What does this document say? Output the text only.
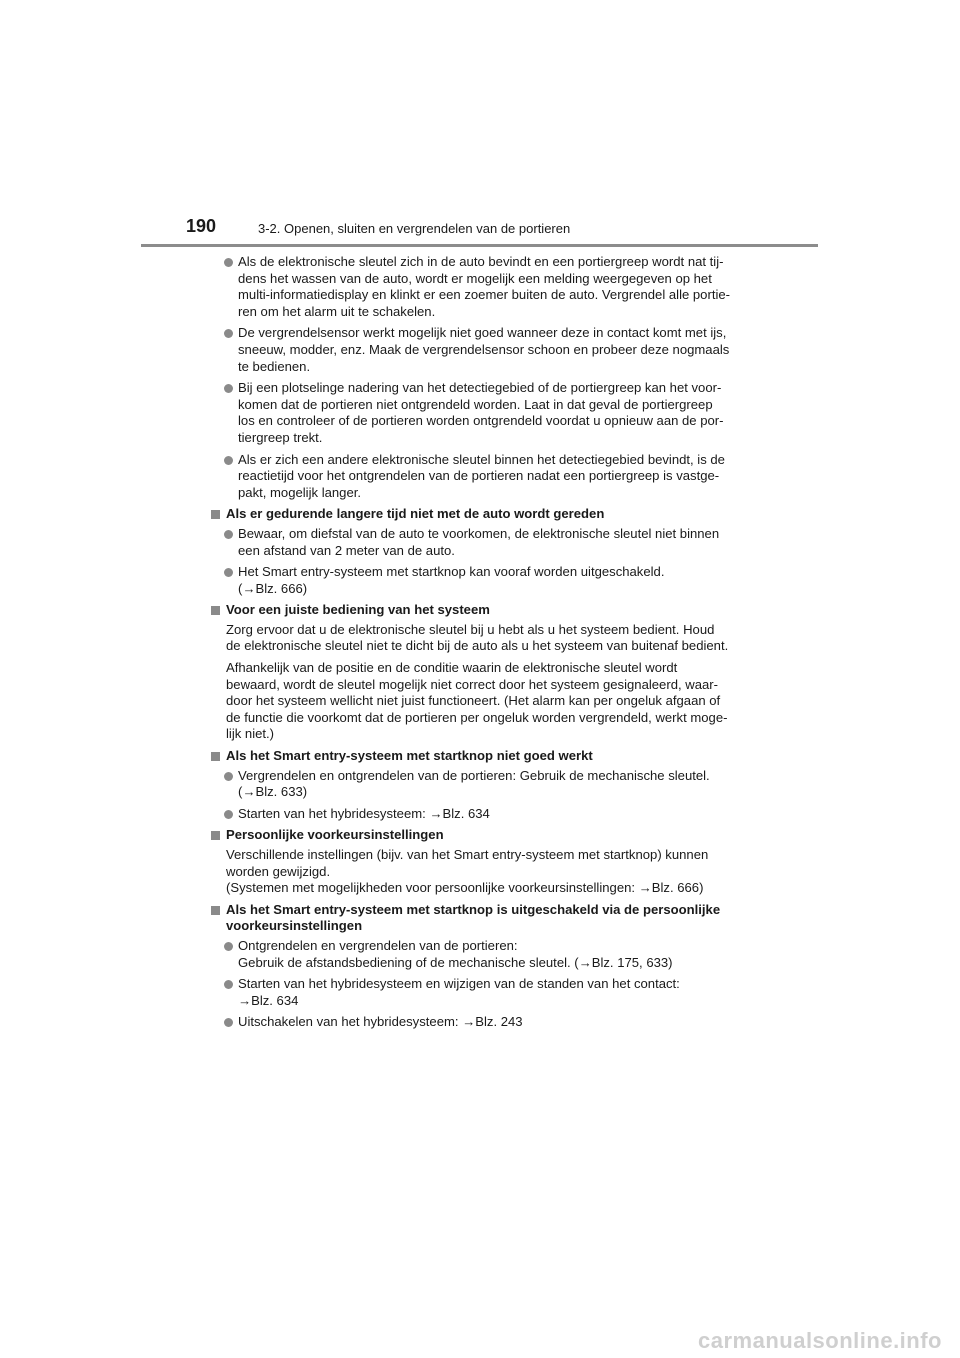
190	3-2. Openen, sluiten en vergrendelen van de portieren
Als de elektronische sleutel zich in de auto bevindt en een portiergreep wordt nat tij-
dens het wassen van de auto, wordt er mogelijk een melding weergegeven op het
multi-informatiedisplay en klinkt er een zoemer buiten de auto. Vergrendel alle portie-
ren om het alarm uit te schakelen.
De vergrendelsensor werkt mogelijk niet goed wanneer deze in contact komt met ijs,
sneeuw, modder, enz. Maak de vergrendelsensor schoon en probeer deze nogmaals
te bedienen.
Bij een plotselinge nadering van het detectiegebied of de portiergreep kan het voor-
komen dat de portieren niet ontgrendeld worden. Laat in dat geval de portiergreep
los en controleer of de portieren worden ontgrendeld voordat u opnieuw aan de por-
tiergreep trekt.
Als er zich een andere elektronische sleutel binnen het detectiegebied bevindt, is de
reactietijd voor het ontgrendelen van de portieren nadat een portiergreep is vastge-
pakt, mogelijk langer.
Als er gedurende langere tijd niet met de auto wordt gereden
Bewaar, om diefstal van de auto te voorkomen, de elektronische sleutel niet binnen
een afstand van 2 meter van de auto.
Het Smart entry-systeem met startknop kan vooraf worden uitgeschakeld.
(→Blz. 666)
Voor een juiste bediening van het systeem
Zorg ervoor dat u de elektronische sleutel bij u hebt als u het systeem bedient. Houd
de elektronische sleutel niet te dicht bij de auto als u het systeem van buitenaf bedient.
Afhankelijk van de positie en de conditie waarin de elektronische sleutel wordt
bewaard, wordt de sleutel mogelijk niet correct door het systeem gesignaleerd, waar-
door het systeem wellicht niet juist functioneert. (Het alarm kan per ongeluk afgaan of
de functie die voorkomt dat de portieren per ongeluk worden vergrendeld, werkt moge-
lijk niet.)
Als het Smart entry-systeem met startknop niet goed werkt
Vergrendelen en ontgrendelen van de portieren: Gebruik de mechanische sleutel.
(→Blz. 633)
Starten van het hybridesysteem: →Blz. 634
Persoonlijke voorkeursinstellingen
Verschillende instellingen (bijv. van het Smart entry-systeem met startknop) kunnen
worden gewijzigd.
(Systemen met mogelijkheden voor persoonlijke voorkeursinstellingen: →Blz. 666)
Als het Smart entry-systeem met startknop is uitgeschakeld via de persoonlijke
voorkeursinstellingen
Ontgrendelen en vergrendelen van de portieren:
Gebruik de afstandsbediening of de mechanische sleutel. (→Blz. 175, 633)
Starten van het hybridesysteem en wijzigen van de standen van het contact:
→Blz. 634
Uitschakelen van het hybridesysteem: →Blz. 243
carmanualsonline.info
